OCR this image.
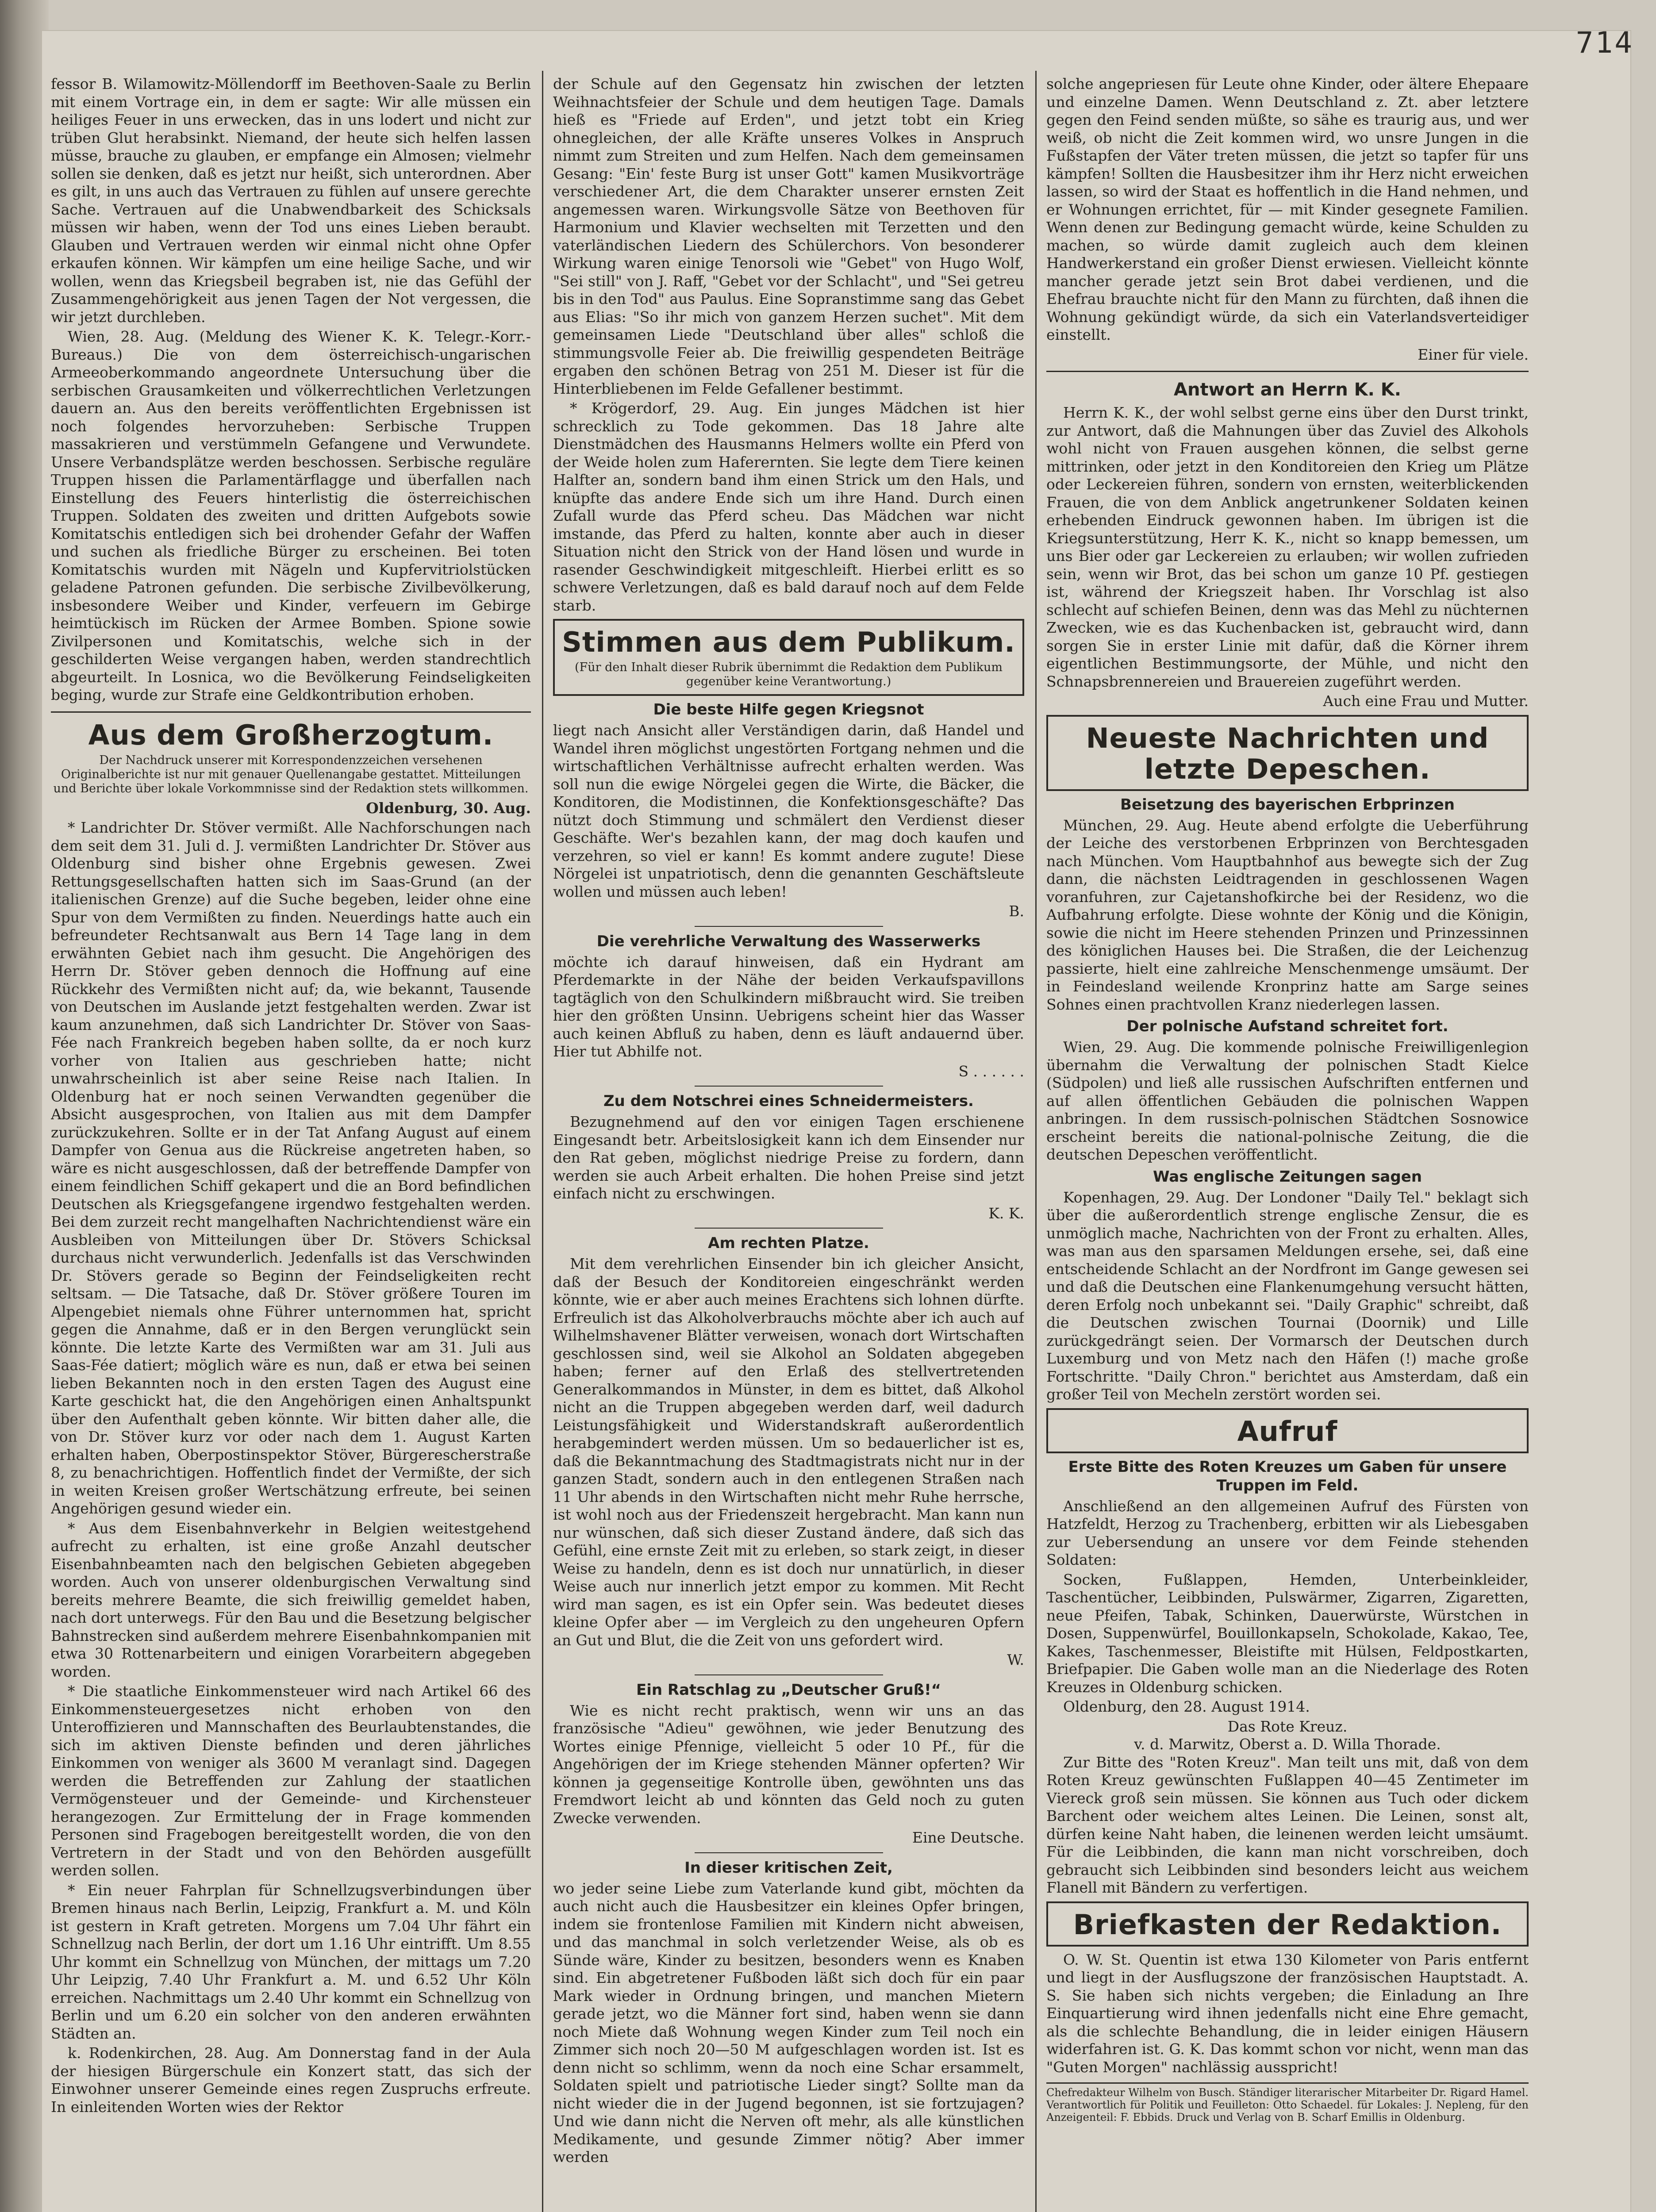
714

fessor B. Wilamowitz-Möllendorff im Beethoven-Saale zu Berlin mit einem Vortrage ein, in dem er sagte: Wir alle müssen ein heiliges Feuer in uns erwecken, das in uns lodert und nicht zur trüben Glut herabsinkt. Niemand, der heute sich helfen lassen müsse, brauche zu glauben, er empfange ein Almosen; vielmehr sollen sie denken, daß es jetzt nur heißt, sich unterordnen. Aber es gilt, in uns auch das Vertrauen zu fühlen auf unsere gerechte Sache. Vertrauen auf die Unabwendbarkeit des Schicksals müssen wir haben, wenn der Tod uns eines Lieben beraubt. Glauben und Vertrauen werden wir einmal nicht ohne Opfer erkaufen können. Wir kämpfen um eine heilige Sache, und wir wollen, wenn das Kriegsbeil begraben ist, nie das Gefühl der Zusammengehörigkeit aus jenen Tagen der Not vergessen, die wir jetzt durchleben.

Wien, 28. Aug. (Meldung des Wiener K. K. Telegr.-Korr.-Bureaus.) Die von dem österreichisch-ungarischen Armeeoberkommando angeordnete Untersuchung über die serbischen Grausamkeiten und völkerrechtlichen Verletzungen dauern an. Aus den bereits veröffentlichten Ergebnissen ist noch folgendes hervorzuheben: Serbische Truppen massakrieren und verstümmeln Gefangene und Verwundete. Unsere Verbandsplätze werden beschossen. Serbische reguläre Truppen hissen die Parlamentärflagge und überfallen nach Einstellung des Feuers hinterlistig die österreichischen Truppen. Soldaten des zweiten und dritten Aufgebots sowie Komitatschis entledigen sich bei drohender Gefahr der Waffen und suchen als friedliche Bürger zu erscheinen. Bei toten Komitatschis wurden mit Nägeln und Kupfervitriolstücken geladene Patronen gefunden. Die serbische Zivilbevölkerung, insbesondere Weiber und Kinder, verfeuern im Gebirge heimtückisch im Rücken der Armee Bomben. Spione sowie Zivilpersonen und Komitatschis, welche sich in der geschilderten Weise vergangen haben, werden standrechtlich abgeurteilt. In Losnica, wo die Bevölkerung Feindseligkeiten beging, wurde zur Strafe eine Geldkontribution erhoben.

Aus dem Großherzogtum.
Der Nachdruck unserer mit Korrespondenzzeichen versehenen Originalberichte ist nur mit genauer Quellenangabe gestattet. Mitteilungen und Berichte über lokale Vorkommnisse sind der Redaktion stets willkommen.
Oldenburg, 30. Aug.

* Landrichter Dr. Stöver vermißt. Alle Nachforschungen nach dem seit dem 31. Juli d. J. vermißten Landrichter Dr. Stöver aus Oldenburg sind bisher ohne Ergebnis gewesen. Zwei Rettungsgesellschaften hatten sich im Saas-Grund (an der italienischen Grenze) auf die Suche begeben, leider ohne eine Spur von dem Vermißten zu finden. Neuerdings hatte auch ein befreundeter Rechtsanwalt aus Bern 14 Tage lang in dem erwähnten Gebiet nach ihm gesucht. Die Angehörigen des Herrn Dr. Stöver geben dennoch die Hoffnung auf eine Rückkehr des Vermißten nicht auf; da, wie bekannt, Tausende von Deutschen im Auslande jetzt festgehalten werden. Zwar ist kaum anzunehmen, daß sich Landrichter Dr. Stöver von Saas-Fée nach Frankreich begeben haben sollte, da er noch kurz vorher von Italien aus geschrieben hatte; nicht unwahrscheinlich ist aber seine Reise nach Italien. In Oldenburg hat er noch seinen Verwandten gegenüber die Absicht ausgesprochen, von Italien aus mit dem Dampfer zurückzukehren. Sollte er in der Tat Anfang August auf einem Dampfer von Genua aus die Rückreise angetreten haben, so wäre es nicht ausgeschlossen, daß der betreffende Dampfer von einem feindlichen Schiff gekapert und die an Bord befindlichen Deutschen als Kriegsgefangene irgendwo festgehalten werden. Bei dem zurzeit recht mangelhaften Nachrichtendienst wäre ein Ausbleiben von Mitteilungen über Dr. Stövers Schicksal durchaus nicht verwunderlich. Jedenfalls ist das Verschwinden Dr. Stövers gerade so Beginn der Feindseligkeiten recht seltsam. — Die Tatsache, daß Dr. Stöver größere Touren im Alpengebiet niemals ohne Führer unternommen hat, spricht gegen die Annahme, daß er in den Bergen verunglückt sein könnte. Die letzte Karte des Vermißten war am 31. Juli aus Saas-Fée datiert; möglich wäre es nun, daß er etwa bei seinen lieben Bekannten noch in den ersten Tagen des August eine Karte geschickt hat, die den Angehörigen einen Anhaltspunkt über den Aufenthalt geben könnte. Wir bitten daher alle, die von Dr. Stöver kurz vor oder nach dem 1. August Karten erhalten haben, Oberpostinspektor Stöver, Bürgerescherstraße 8, zu benachrichtigen. Hoffentlich findet der Vermißte, der sich in weiten Kreisen großer Wertschätzung erfreute, bei seinen Angehörigen gesund wieder ein.

* Aus dem Eisenbahnverkehr in Belgien weitestgehend aufrecht zu erhalten, ist eine große Anzahl deutscher Eisenbahnbeamten nach den belgischen Gebieten abgegeben worden. Auch von unserer oldenburgischen Verwaltung sind bereits mehrere Beamte, die sich freiwillig gemeldet haben, nach dort unterwegs. Für den Bau und die Besetzung belgischer Bahnstrecken sind außerdem mehrere Eisenbahnkompanien mit etwa 30 Rottenarbeitern und einigen Vorarbeitern abgegeben worden.

* Die staatliche Einkommensteuer wird nach Artikel 66 des Einkommensteuergesetzes nicht erhoben von den Unteroffizieren und Mannschaften des Beurlaubtenstandes, die sich im aktiven Dienste befinden und deren jährliches Einkommen von weniger als 3600 M veranlagt sind. Dagegen werden die Betreffenden zur Zahlung der staatlichen Vermögensteuer und der Gemeinde- und Kirchensteuer herangezogen. Zur Ermittelung der in Frage kommenden Personen sind Fragebogen bereitgestellt worden, die von den Vertretern in der Stadt und von den Behörden ausgefüllt werden sollen.

* Ein neuer Fahrplan für Schnellzugsverbindungen über Bremen hinaus nach Berlin, Leipzig, Frankfurt a. M. und Köln ist gestern in Kraft getreten. Morgens um 7.04 Uhr fährt ein Schnellzug nach Berlin, der dort um 1.16 Uhr eintrifft. Um 8.55 Uhr kommt ein Schnellzug von München, der mittags um 7.20 Uhr Leipzig, 7.40 Uhr Frankfurt a. M. und 6.52 Uhr Köln erreichen. Nachmittags um 2.40 Uhr kommt ein Schnellzug von Berlin und um 6.20 ein solcher von den anderen erwähnten Städten an.

k. Rodenkirchen, 28. Aug. Am Donnerstag fand in der Aula der hiesigen Bürgerschule ein Konzert statt, das sich der Einwohner unserer Gemeinde eines regen Zuspruchs erfreute. In einleitenden Worten wies der Rektor

der Schule auf den Gegensatz hin zwischen der letzten Weihnachtsfeier der Schule und dem heutigen Tage. Damals hieß es "Friede auf Erden", und jetzt tobt ein Krieg ohnegleichen, der alle Kräfte unseres Volkes in Anspruch nimmt zum Streiten und zum Helfen. Nach dem gemeinsamen Gesang: "Ein' feste Burg ist unser Gott" kamen Musikvorträge verschiedener Art, die dem Charakter unserer ernsten Zeit angemessen waren. Wirkungsvolle Sätze von Beethoven für Harmonium und Klavier wechselten mit Terzetten und den vaterländischen Liedern des Schülerchors. Von besonderer Wirkung waren einige Tenorsoli wie "Gebet" von Hugo Wolf, "Sei still" von J. Raff, "Gebet vor der Schlacht", und "Sei getreu bis in den Tod" aus Paulus. Eine Sopranstimme sang das Gebet aus Elias: "So ihr mich von ganzem Herzen suchet". Mit dem gemeinsamen Liede "Deutschland über alles" schloß die stimmungsvolle Feier ab. Die freiwillig gespendeten Beiträge ergaben den schönen Betrag von 251 M. Dieser ist für die Hinterbliebenen im Felde Gefallener bestimmt.

* Krögerdorf, 29. Aug. Ein junges Mädchen ist hier schrecklich zu Tode gekommen. Das 18 Jahre alte Dienstmädchen des Hausmanns Helmers wollte ein Pferd von der Weide holen zum Haferernten. Sie legte dem Tiere keinen Halfter an, sondern band ihm einen Strick um den Hals, und knüpfte das andere Ende sich um ihre Hand. Durch einen Zufall wurde das Pferd scheu. Das Mädchen war nicht imstande, das Pferd zu halten, konnte aber auch in dieser Situation nicht den Strick von der Hand lösen und wurde in rasender Geschwindigkeit mitgeschleift. Hierbei erlitt es so schwere Verletzungen, daß es bald darauf noch auf dem Felde starb.

Stimmen aus dem Publikum.
(Für den Inhalt dieser Rubrik übernimmt die Redaktion dem Publikum gegenüber keine Verantwortung.)
Die beste Hilfe gegen Kriegsnot

liegt nach Ansicht aller Verständigen darin, daß Handel und Wandel ihren möglichst ungestörten Fortgang nehmen und die wirtschaftlichen Verhältnisse aufrecht erhalten werden. Was soll nun die ewige Nörgelei gegen die Wirte, die Bäcker, die Konditoren, die Modistinnen, die Konfektionsgeschäfte? Das nützt doch Stimmung und schmälert den Verdienst dieser Geschäfte. Wer's bezahlen kann, der mag doch kaufen und verzehren, so viel er kann! Es kommt andere zugute! Diese Nörgelei ist unpatriotisch, denn die genannten Geschäftsleute wollen und müssen auch leben!

B.
Die verehrliche Verwaltung des Wasserwerks

möchte ich darauf hinweisen, daß ein Hydrant am Pferdemarkte in der Nähe der beiden Verkaufspavillons tagtäglich von den Schulkindern mißbraucht wird. Sie treiben hier den größten Unsinn. Uebrigens scheint hier das Wasser auch keinen Abfluß zu haben, denn es läuft andauernd über. Hier tut Abhilfe not.

S . . . . . .
Zu dem Notschrei eines Schneidermeisters.

Bezugnehmend auf den vor einigen Tagen erschienene Eingesandt betr. Arbeitslosigkeit kann ich dem Einsender nur den Rat geben, möglichst niedrige Preise zu fordern, dann werden sie auch Arbeit erhalten. Die hohen Preise sind jetzt einfach nicht zu erschwingen.

K. K.
Am rechten Platze.

Mit dem verehrlichen Einsender bin ich gleicher Ansicht, daß der Besuch der Konditoreien eingeschränkt werden könnte, wie er aber auch meines Erachtens sich lohnen dürfte. Erfreulich ist das Alkoholverbrauchs möchte aber ich auch auf Wilhelmshavener Blätter verweisen, wonach dort Wirtschaften geschlossen sind, weil sie Alkohol an Soldaten abgegeben haben; ferner auf den Erlaß des stellvertretenden Generalkommandos in Münster, in dem es bittet, daß Alkohol nicht an die Truppen abgegeben werden darf, weil dadurch Leistungsfähigkeit und Widerstandskraft außerordentlich herabgemindert werden müssen. Um so bedauerlicher ist es, daß die Bekanntmachung des Stadtmagistrats nicht nur in der ganzen Stadt, sondern auch in den entlegenen Straßen nach 11 Uhr abends in den Wirtschaften nicht mehr Ruhe herrsche, ist wohl noch aus der Friedenszeit hergebracht. Man kann nun nur wünschen, daß sich dieser Zustand ändere, daß sich das Gefühl, eine ernste Zeit mit zu erleben, so stark zeigt, in dieser Weise zu handeln, denn es ist doch nur unnatürlich, in dieser Weise auch nur innerlich jetzt empor zu kommen. Mit Recht wird man sagen, es ist ein Opfer sein. Was bedeutet dieses kleine Opfer aber — im Vergleich zu den ungeheuren Opfern an Gut und Blut, die die Zeit von uns gefordert wird.

W.
Ein Ratschlag zu „Deutscher Gruß!“

Wie es nicht recht praktisch, wenn wir uns an das französische "Adieu" gewöhnen, wie jeder Benutzung des Wortes einige Pfennige, vielleicht 5 oder 10 Pf., für die Angehörigen der im Kriege stehenden Männer opferten? Wir können ja gegenseitige Kontrolle üben, gewöhnten uns das Fremdwort leicht ab und könnten das Geld noch zu guten Zwecke verwenden.

Eine Deutsche.
In dieser kritischen Zeit,

wo jeder seine Liebe zum Vaterlande kund gibt, möchten da auch nicht auch die Hausbesitzer ein kleines Opfer bringen, indem sie frontenlose Familien mit Kindern nicht abweisen, und das manchmal in solch verletzender Weise, als ob es Sünde wäre, Kinder zu besitzen, besonders wenn es Knaben sind. Ein abgetretener Fußboden läßt sich doch für ein paar Mark wieder in Ordnung bringen, und manchen Mietern gerade jetzt, wo die Männer fort sind, haben wenn sie dann noch Miete daß Wohnung wegen Kinder zum Teil noch ein Zimmer sich noch 20—50 M aufgeschlagen worden ist. Ist es denn nicht so schlimm, wenn da noch eine Schar ersammelt, Soldaten spielt und patriotische Lieder singt? Sollte man da nicht wieder die in der Jugend begonnen, ist sie fortzujagen? Und wie dann nicht die Nerven oft mehr, als alle künstlichen Medikamente, und gesunde Zimmer nötig? Aber immer werden

solche angepriesen für Leute ohne Kinder, oder ältere Ehepaare und einzelne Damen. Wenn Deutschland z. Zt. aber letztere gegen den Feind senden müßte, so sähe es traurig aus, und wer weiß, ob nicht die Zeit kommen wird, wo unsre Jungen in die Fußstapfen der Väter treten müssen, die jetzt so tapfer für uns kämpfen! Sollten die Hausbesitzer ihm ihr Herz nicht erweichen lassen, so wird der Staat es hoffentlich in die Hand nehmen, und er Wohnungen errichtet, für — mit Kinder gesegnete Familien. Wenn denen zur Bedingung gemacht würde, keine Schulden zu machen, so würde damit zugleich auch dem kleinen Handwerkerstand ein großer Dienst erwiesen. Vielleicht könnte mancher gerade jetzt sein Brot dabei verdienen, und die Ehefrau brauchte nicht für den Mann zu fürchten, daß ihnen die Wohnung gekündigt würde, da sich ein Vaterlandsverteidiger einstellt.

Einer für viele.
Antwort an Herrn K. K.

Herrn K. K., der wohl selbst gerne eins über den Durst trinkt, zur Antwort, daß die Mahnungen über das Zuviel des Alkohols wohl nicht von Frauen ausgehen können, die selbst gerne mittrinken, oder jetzt in den Konditoreien den Krieg um Plätze oder Leckereien führen, sondern von ernsten, weiterblickenden Frauen, die von dem Anblick angetrunkener Soldaten keinen erhebenden Eindruck gewonnen haben. Im übrigen ist die Kriegsunterstützung, Herr K. K., nicht so knapp bemessen, um uns Bier oder gar Leckereien zu erlauben; wir wollen zufrieden sein, wenn wir Brot, das bei schon um ganze 10 Pf. gestiegen ist, während der Kriegszeit haben. Ihr Vorschlag ist also schlecht auf schiefen Beinen, denn was das Mehl zu nüchternen Zwecken, wie es das Kuchenbacken ist, gebraucht wird, dann sorgen Sie in erster Linie mit dafür, daß die Körner ihrem eigentlichen Bestimmungsorte, der Mühle, und nicht den Schnapsbrennereien und Brauereien zugeführt werden.

Auch eine Frau und Mutter.
Neueste Nachrichten und letzte Depeschen.
Beisetzung des bayerischen Erbprinzen

München, 29. Aug. Heute abend erfolgte die Ueberführung der Leiche des verstorbenen Erbprinzen von Berchtesgaden nach München. Vom Hauptbahnhof aus bewegte sich der Zug dann, die nächsten Leidtragenden in geschlossenen Wagen voranfuhren, zur Cajetanshofkirche bei der Residenz, wo die Aufbahrung erfolgte. Diese wohnte der König und die Königin, sowie die nicht im Heere stehenden Prinzen und Prinzessinnen des königlichen Hauses bei. Die Straßen, die der Leichenzug passierte, hielt eine zahlreiche Menschenmenge umsäumt. Der in Feindesland weilende Kronprinz hatte am Sarge seines Sohnes einen prachtvollen Kranz niederlegen lassen.

Der polnische Aufstand schreitet fort.

Wien, 29. Aug. Die kommende polnische Freiwilligenlegion übernahm die Verwaltung der polnischen Stadt Kielce (Südpolen) und ließ alle russischen Aufschriften entfernen und auf allen öffentlichen Gebäuden die polnischen Wappen anbringen. In dem russisch-polnischen Städtchen Sosnowice erscheint bereits die national-polnische Zeitung, die die deutschen Depeschen veröffentlicht.

Was englische Zeitungen sagen

Kopenhagen, 29. Aug. Der Londoner "Daily Tel." beklagt sich über die außerordentlich strenge englische Zensur, die es unmöglich mache, Nachrichten von der Front zu erhalten. Alles, was man aus den sparsamen Meldungen ersehe, sei, daß eine entscheidende Schlacht an der Nordfront im Gange gewesen sei und daß die Deutschen eine Flankenumgehung versucht hätten, deren Erfolg noch unbekannt sei. "Daily Graphic" schreibt, daß die Deutschen zwischen Tournai (Doornik) und Lille zurückgedrängt seien. Der Vormarsch der Deutschen durch Luxemburg und von Metz nach den Häfen (!) mache große Fortschritte. "Daily Chron." berichtet aus Amsterdam, daß ein großer Teil von Mecheln zerstört worden sei.

Aufruf
Erste Bitte des Roten Kreuzes um Gaben für unsere Truppen im Feld.

Anschließend an den allgemeinen Aufruf des Fürsten von Hatzfeldt, Herzog zu Trachenberg, erbitten wir als Liebesgaben zur Uebersendung an unsere vor dem Feinde stehenden Soldaten:

Socken, Fußlappen, Hemden, Unterbeinkleider, Taschentücher, Leibbinden, Pulswärmer, Zigarren, Zigaretten, neue Pfeifen, Tabak, Schinken, Dauerwürste, Würstchen in Dosen, Suppenwürfel, Bouillonkapseln, Schokolade, Kakao, Tee, Kakes, Taschenmesser, Bleistifte mit Hülsen, Feldpostkarten, Briefpapier. Die Gaben wolle man an die Niederlage des Roten Kreuzes in Oldenburg schicken.

Oldenburg, den 28. August 1914.

Das Rote Kreuz.
v. d. Marwitz, Oberst a. D. Willa Thorade.

Zur Bitte des "Roten Kreuz". Man teilt uns mit, daß von dem Roten Kreuz gewünschten Fußlappen 40—45 Zentimeter im Viereck groß sein müssen. Sie können aus Tuch oder dickem Barchent oder weichem altes Leinen. Die Leinen, sonst alt, dürfen keine Naht haben, die leinenen werden leicht umsäumt. Für die Leibbinden, die kann man nicht vorschreiben, doch gebraucht sich Leibbinden sind besonders leicht aus weichem Flanell mit Bändern zu verfertigen.

Briefkasten der Redaktion.

O. W. St. Quentin ist etwa 130 Kilometer von Paris entfernt und liegt in der Ausflugszone der französischen Hauptstadt. A. S. Sie haben sich nichts vergeben; die Einladung an Ihre Einquartierung wird ihnen jedenfalls nicht eine Ehre gemacht, als die schlechte Behandlung, die in leider einigen Häusern widerfahren ist. G. K. Das kommt schon vor nicht, wenn man das "Guten Morgen" nachlässig ausspricht!

Chefredakteur Wilhelm von Busch. Ständiger literarischer Mitarbeiter Dr. Rigard Hamel. Verantwortlich für Politik und Feuilleton: Otto Schaedel. für Lokales: J. Nepleng, für den Anzeigenteil: F. Ebbids. Druck und Verlag von B. Scharf Emillis in Oldenburg.
